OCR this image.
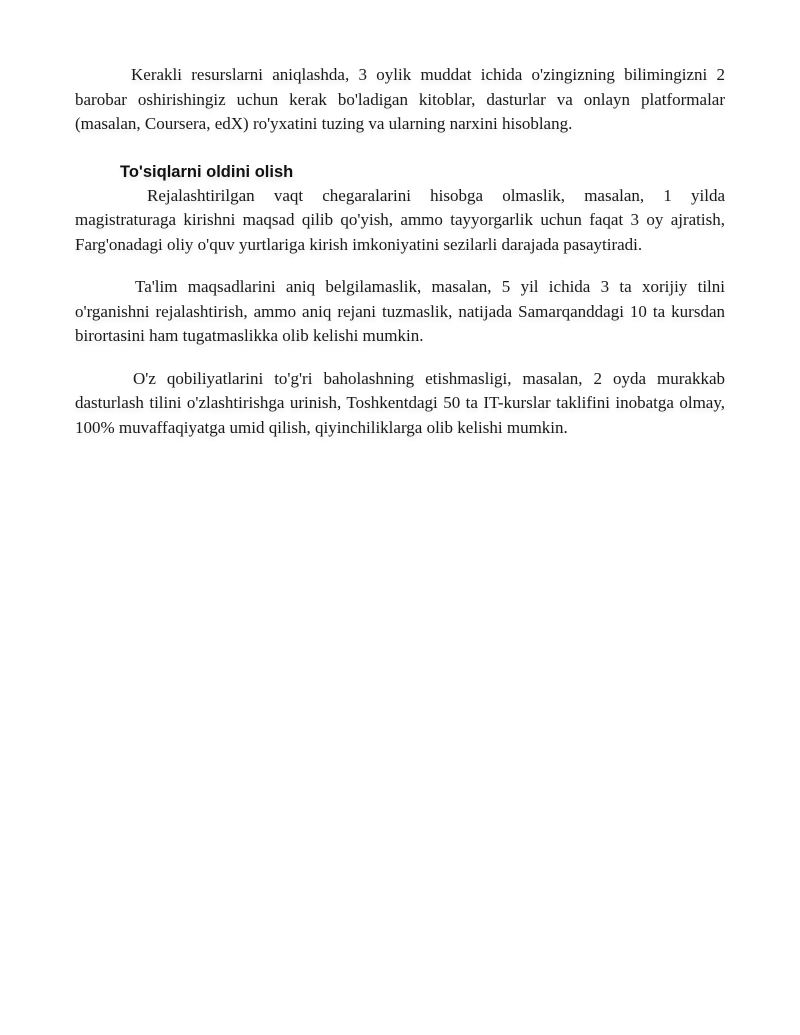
Kerakli resurslarni aniqlashda, 3 oylik muddat ichida o'zingizning bilimingizni 2 barobar oshirishingiz uchun kerak bo'ladigan kitoblar, dasturlar va onlayn platformalar (masalan, Coursera, edX) ro'yxatini tuzing va ularning narxini hisoblang.

To'siqlarni oldini olish

Rejalashtirilgan vaqt chegaralarini hisobga olmaslik, masalan, 1 yilda magistraturaga kirishni maqsad qilib qo'yish, ammo tayyorgarlik uchun faqat 3 oy ajratish, Farg'onadagi oliy o'quv yurtlariga kirish imkoniyatini sezilarli darajada pasaytiradi.

Ta'lim maqsadlarini aniq belgilamaslik, masalan, 5 yil ichida 3 ta xorijiy tilni o'rganishni rejalashtirish, ammo aniq rejani tuzmaslik, natijada Samarqanddagi 10 ta kursdan birortasini ham tugatmaslikka olib kelishi mumkin.

O'z qobiliyatlarini to'g'ri baholashning etishmasligi, masalan, 2 oyda murakkab dasturlash tilini o'zlashtirishga urinish, Toshkentdagi 50 ta IT-kurslar taklifini inobatga olmay, 100% muvaffaqiyatga umid qilish, qiyinchiliklarga olib kelishi mumkin.
